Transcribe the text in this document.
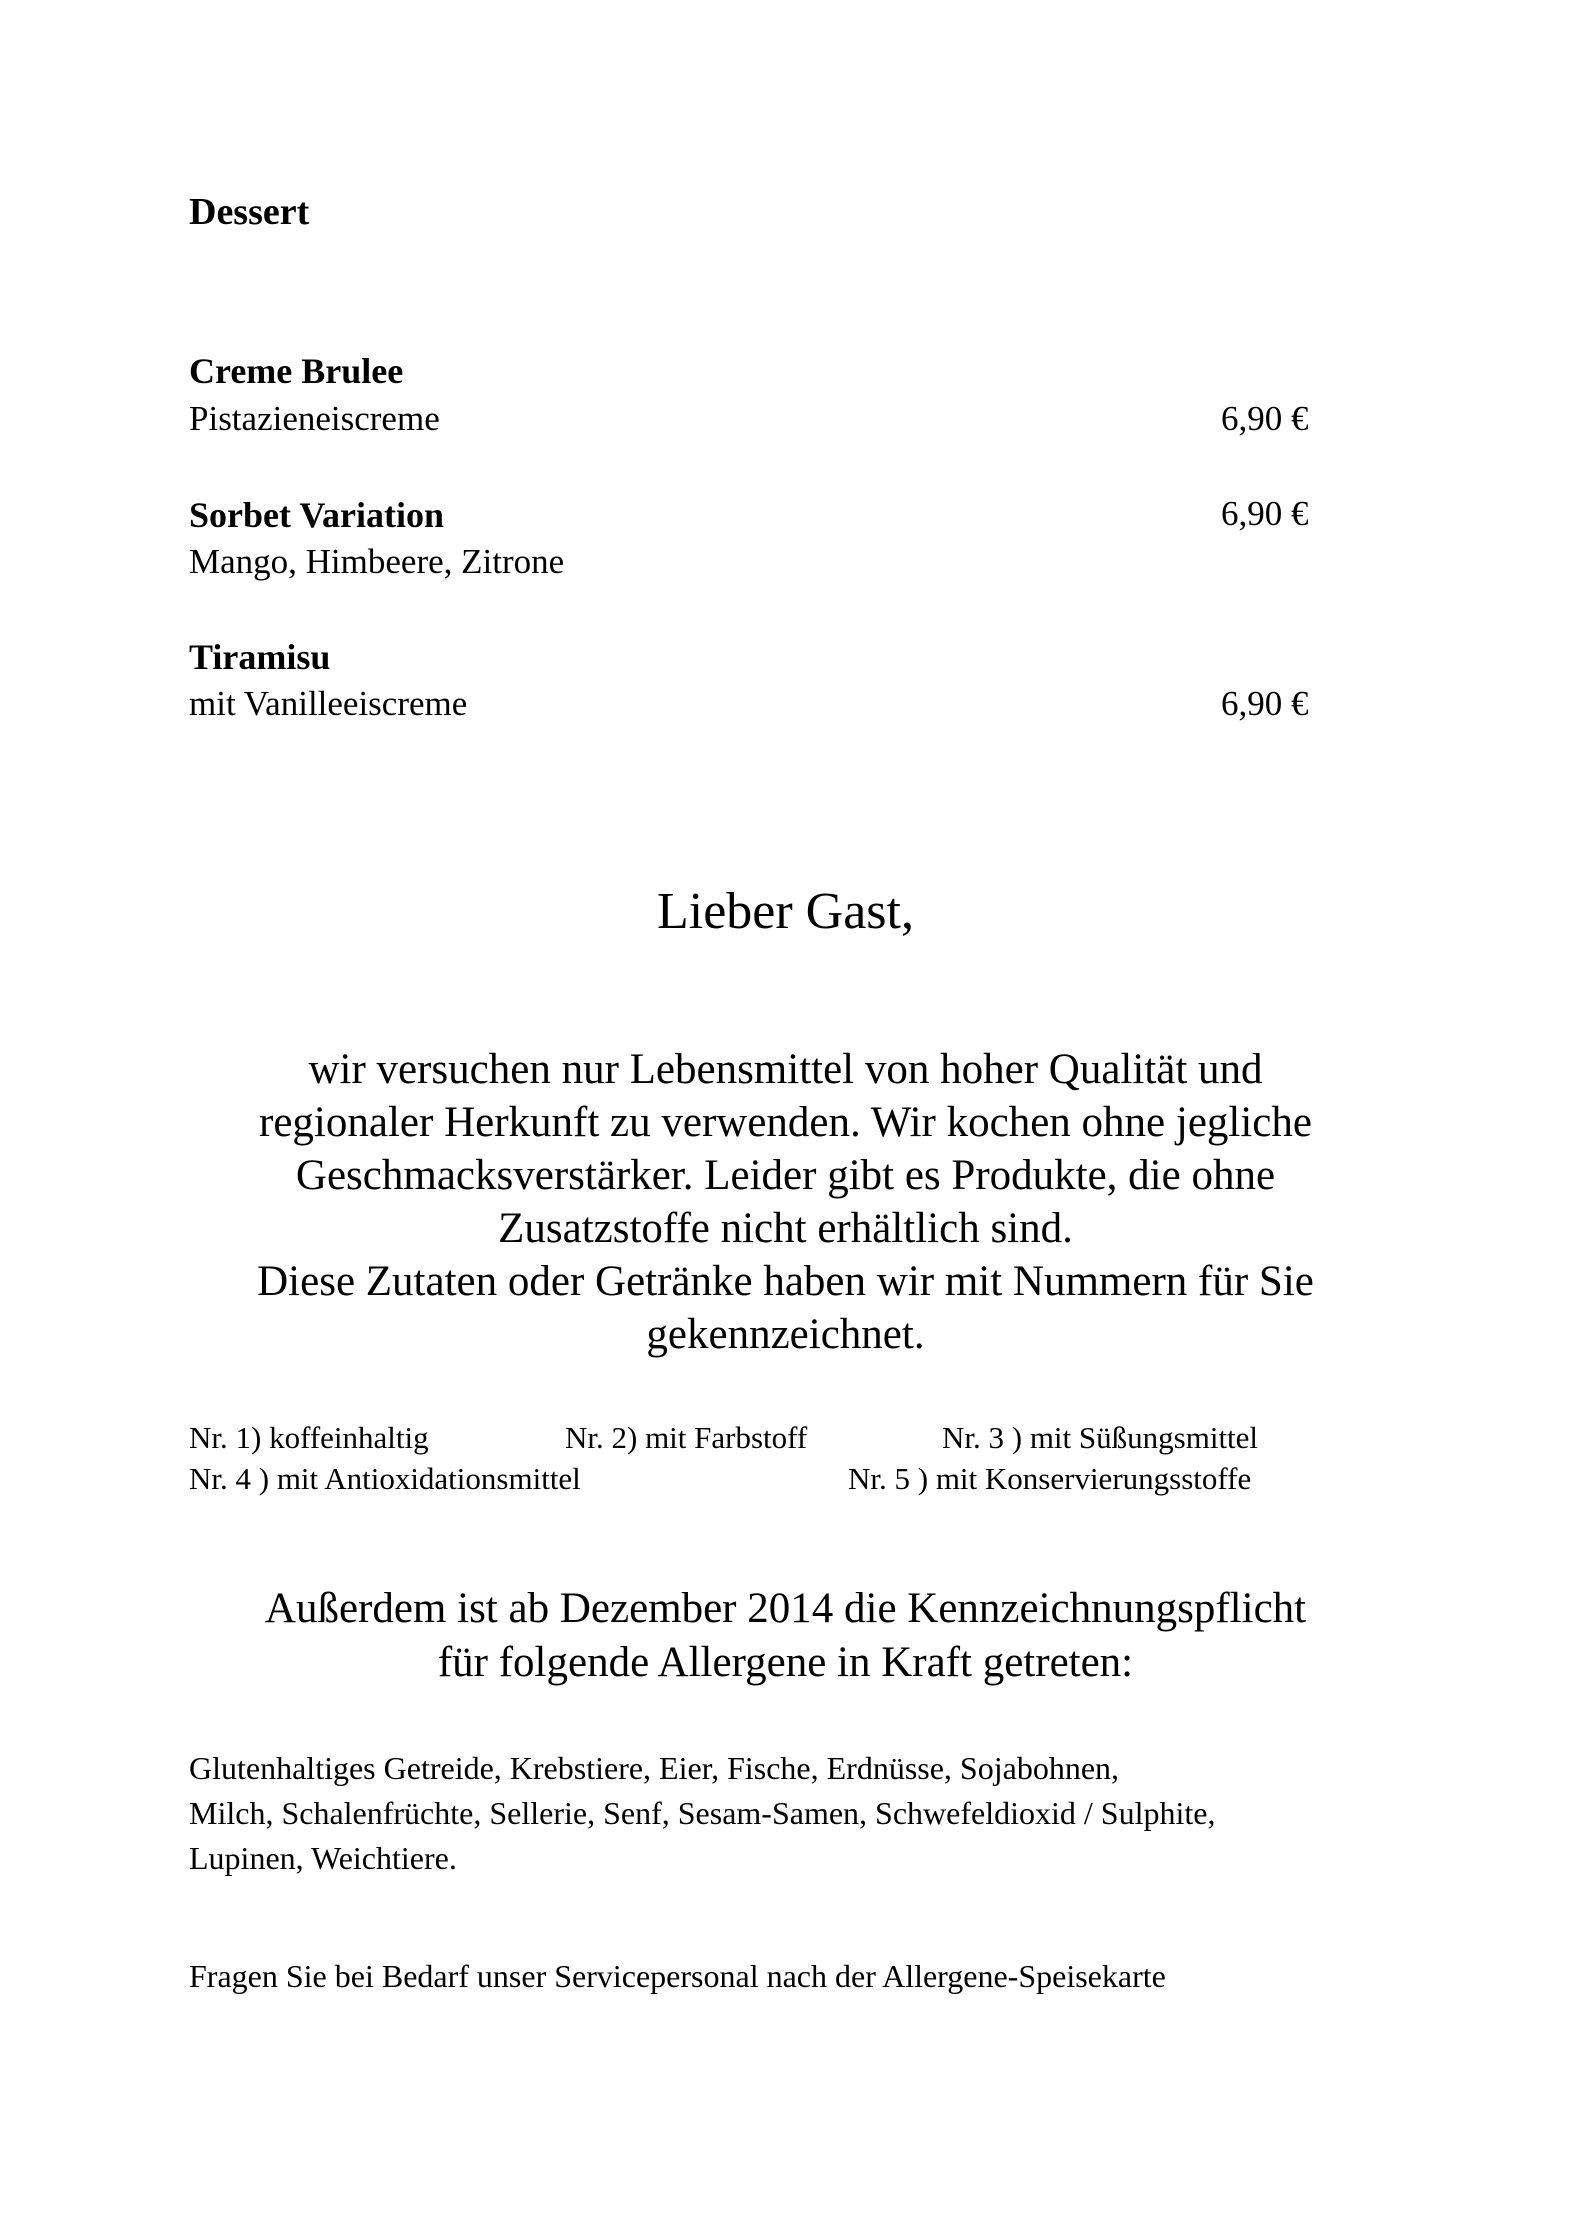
Dessert
Creme Brulee
Pistazieneiscreme	6,90 €
Sorbet Variation	6,90 €
Mango, Himbeere, Zitrone
Tiramisu
mit Vanilleeiscreme	6,90 €
Lieber Gast,
wir versuchen nur Lebensmittel von hoher Qualität und
regionaler Herkunft zu verwenden. Wir kochen ohne jegliche
Geschmacksverstärker. Leider gibt es Produkte, die ohne
Zusatzstoffe nicht erhältlich sind.
Diese Zutaten oder Getränke haben wir mit Nummern für Sie
gekennzeichnet.
Nr. 1) koffeinhaltig	Nr. 2) mit Farbstoff	Nr. 3 ) mit Süßungsmittel
Nr. 4 ) mit Antioxidationsmittel	Nr. 5 ) mit Konservierungsstoffe
Außerdem ist ab Dezember 2014 die Kennzeichnungspflicht
für folgende Allergene in Kraft getreten:
Glutenhaltiges Getreide, Krebstiere, Eier, Fische, Erdnüsse, Sojabohnen,
Milch, Schalenfrüchte, Sellerie, Senf, Sesam-Samen, Schwefeldioxid / Sulphite,
Lupinen, Weichtiere.
Fragen Sie bei Bedarf unser Servicepersonal nach der Allergene-Speisekarte
